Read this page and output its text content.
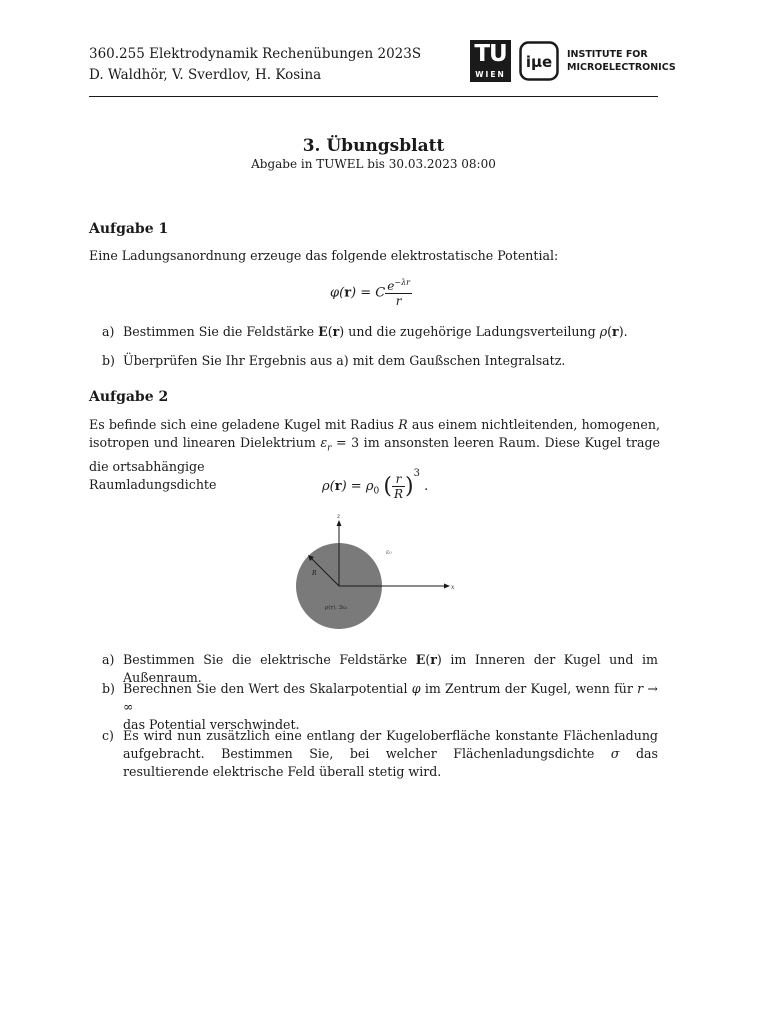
360.255 Elektrodynamik Rechenübungen 2023S
D. Waldhör, V. Sverdlov, H. Kosina
TU
WIEN
iμe INSTITUTE FOR
MICROELECTRONICS
3. Übungsblatt
Abgabe in TUWEL bis 30.03.2023 08:00
Aufgabe 1
Eine Ladungsanordnung erzeuge das folgende elektrostatische Potential:
φ(r) = C $\frac{e^{-\lambda r}}{r}$
a) Bestimmen Sie die Feldstärke E(r) und die zugehörige Ladungsverteilung ρ(r).
b) Überprüfen Sie Ihr Ergebnis aus a) mit dem Gaußschen Integralsatz.
Aufgabe 2
Es befinde sich eine geladene Kugel mit Radius R aus einem nichtleitenden, homogenen, isotropen und linearen Dielektrium $\varepsilon_r = 3$ im ansonsten leeren Raum. Diese Kugel trage die ortsabhängige
Raumladungsdichte	$\rho(r) = \rho_0$ ( $\frac{r}{R} )^3$ .
z
x
R
ε₀
ρ(r), 3ε₀
a) Bestimmen Sie die elektrische Feldstärke E(r) im Inneren der Kugel und im Außenraum.
b) Berechnen Sie den Wert des Skalarpotential φ im Zentrum der Kugel, wenn für r → ∞
das Potential verschwindet.
c) Es wird nun zusätzlich eine entlang der Kugeloberfläche konstante Flächenladung aufgebracht. Bestimmen Sie, bei welcher Flächenladungsdichte σ das resultierende elektrische Feld überall stetig wird.
